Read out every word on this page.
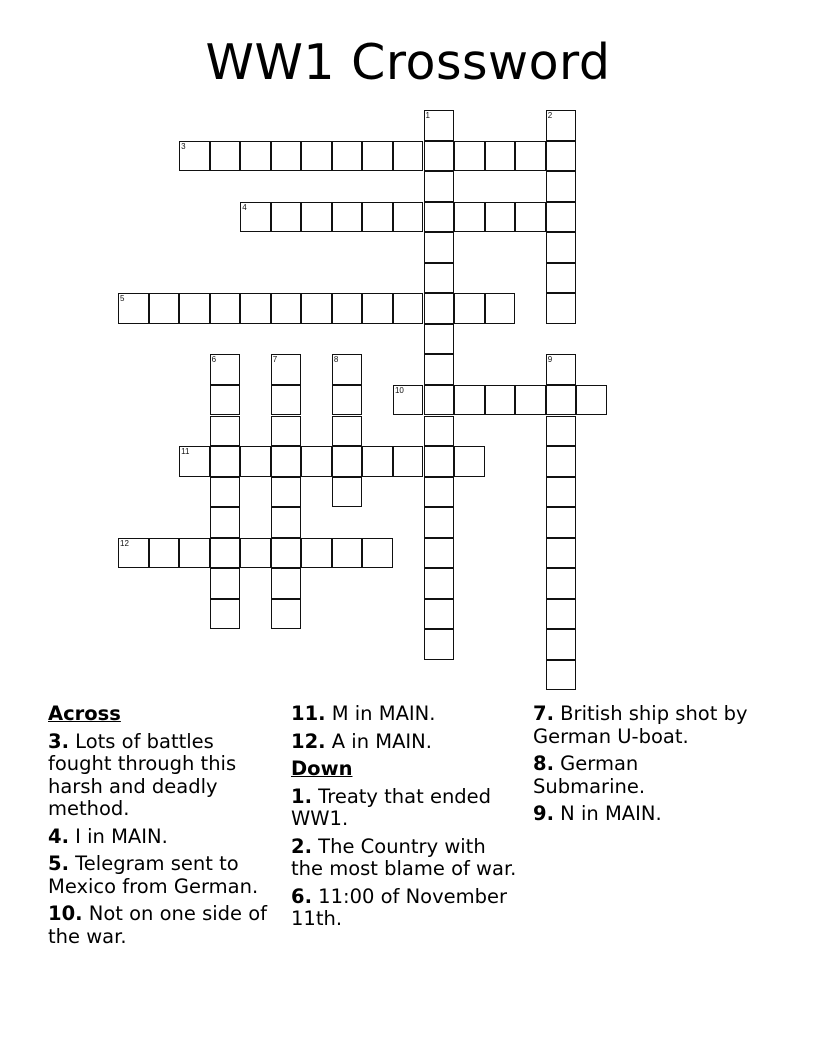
WW1 Crossword
3
4
5
10
11
12
1	2
6	7	8	9
Across
3. Lots of battles fought through this harsh and deadly method.
4. I in MAIN.
5. Telegram sent to Mexico from German.
10. Not on one side of the war.
11. M in MAIN.
12. A in MAIN.
Down
1. Treaty that ended WW1.
2. The Country with the most blame of war.
6. 11:00 of November 11th.
7. British ship shot by German U-boat.
8. German Submarine.
9. N in MAIN.
